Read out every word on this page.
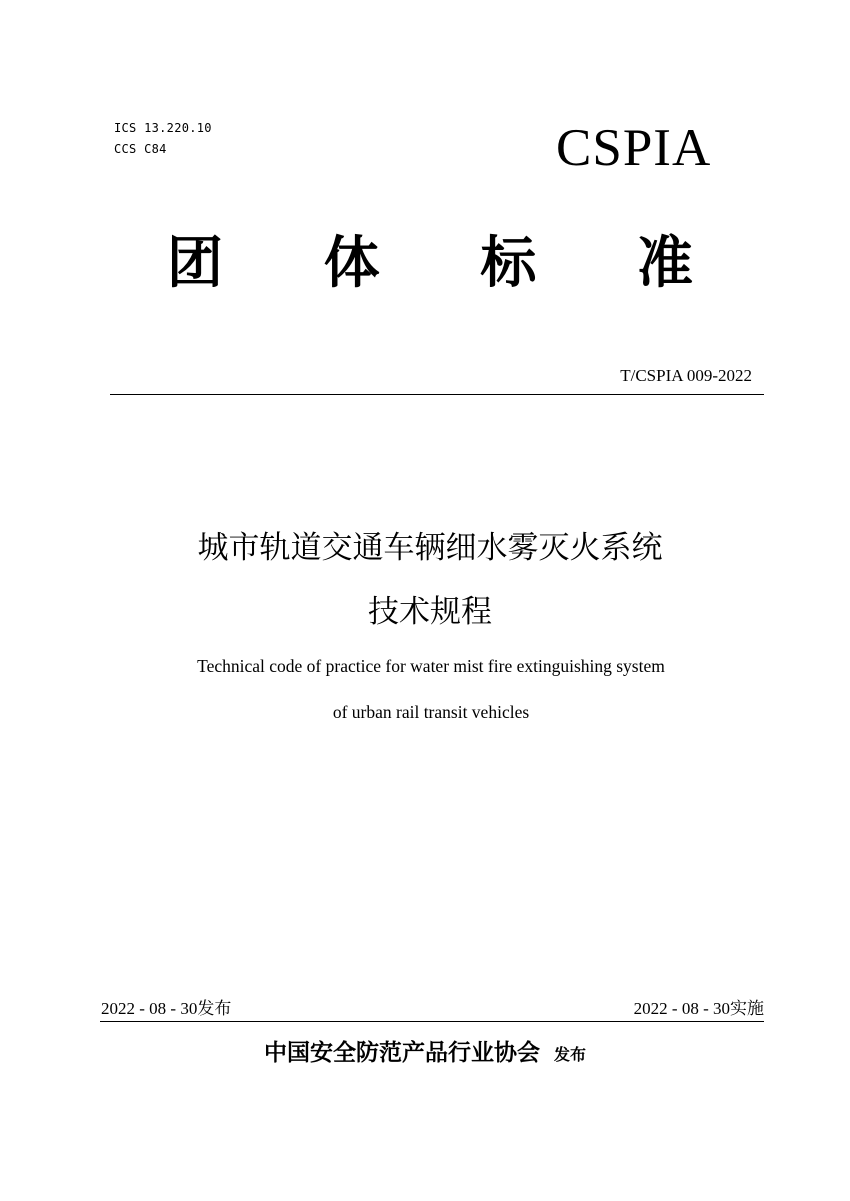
ICS 13.220.10
CCS C84	CSPIA
团	体	标	准
T/CSPIA 009-2022
城市轨道交通车辆细水雾灭火系统
技术规程
Technical code of practice for water mist fire extinguishing system
of urban rail transit vehicles
2022 - 08 - 30发布	2022 - 08 - 30实施
中国安全防范产品行业协会 发布
